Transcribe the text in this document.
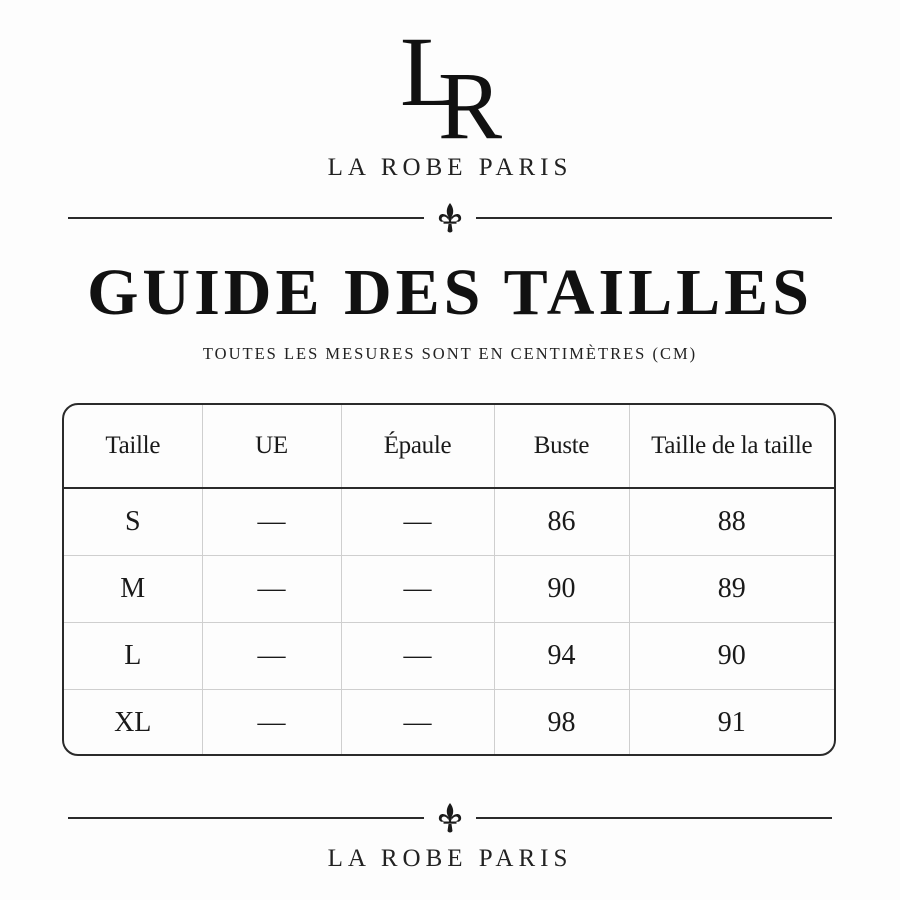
L
R

LA ROBE PARIS

GUIDE DES TAILLES

TOUTES LES MESURES SONT EN CENTIMÈTRES (CM)

Taille	UE	Épaule	Buste	Taille de la taille
S	—	—	86	88
M	—	—	90	89
L	—	—	94	90
XL	—	—	98	91

LA ROBE PARIS
